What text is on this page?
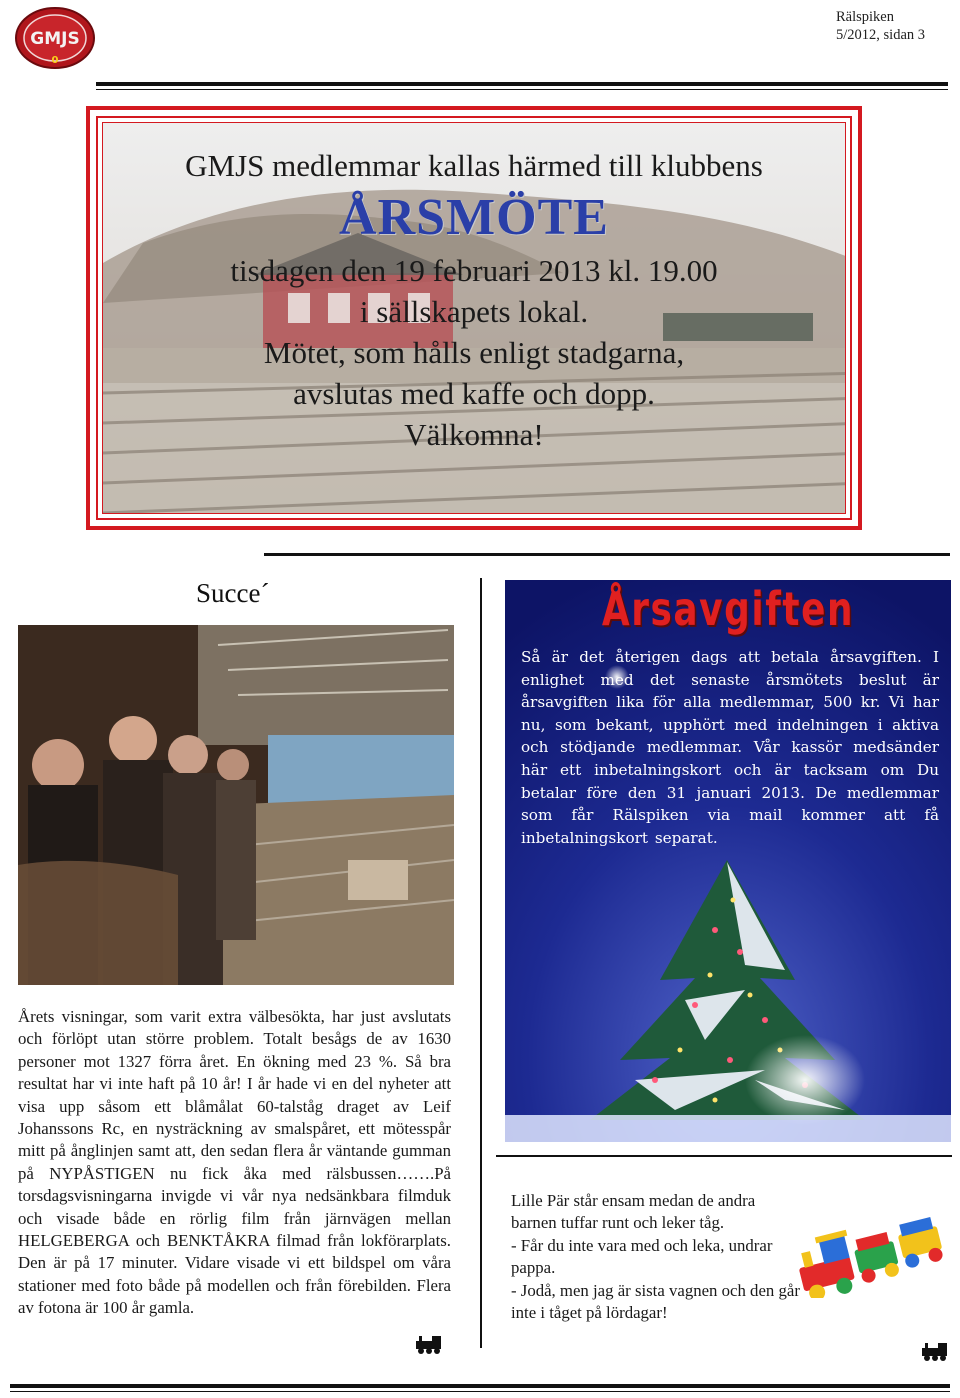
GMJS
0
Rälspiken
5/2012, sidan 3
GMJS medlemmar kallas härmed till klubbens
ÅRSMÖTE
tisdagen den 19 februari 2013 kl. 19.00
i sällskapets lokal.
Mötet, som hålls enligt stadgarna,
avslutas med kaffe och dopp.
Välkomna!
Succe´
Årets visningar, som varit extra välbesökta, har just avslutats och förlöpt utan större problem. Totalt besågs de av 1630 personer mot 1327 förra året. En ökning med 23 %. Så bra resultat har vi inte haft på 10 år! I år hade vi en del nyheter att visa upp såsom ett blåmålat 60-talståg draget av Leif Johanssons Rc, en nysträckning av smalspåret, ett mötesspår mitt på ånglinjen samt att, den sedan flera år väntande gumman på NYPÅSTIGEN nu fick åka med rälsbussen…….På torsdagsvisningarna invigde vi vår nya nedsänkbara filmduk och visade både en rörlig film från järnvägen mellan HELGEBERGA och BENKTÅKRA filmad från lokförarplats. Den är på 17 minuter. Vidare visade vi ett bildspel om våra stationer med foto både på modellen och från förebilden. Flera av fotona är 100 år gamla.
Årsavgiften
Så är det återigen dags att betala årsavgiften. I enlighet med det senaste årsmötets beslut är årsavgiften lika för alla medlemmar, 500 kr. Vi har nu, som bekant, upphört med indelningen i aktiva och stödjande medlemmar. Vår kassör medsänder här ett inbetalningskort och är tacksam om Du betalar före den 31 januari 2013. De medlemmar som får Rälspiken via mail kommer att få inbetalningskort separat.
Lille Pär står ensam medan de andra barnen tuffar runt och leker tåg.
- Får du inte vara med och leka, undrar pappa.
- Jodå, men jag är sista vagnen och den går inte i tåget på lördagar!
